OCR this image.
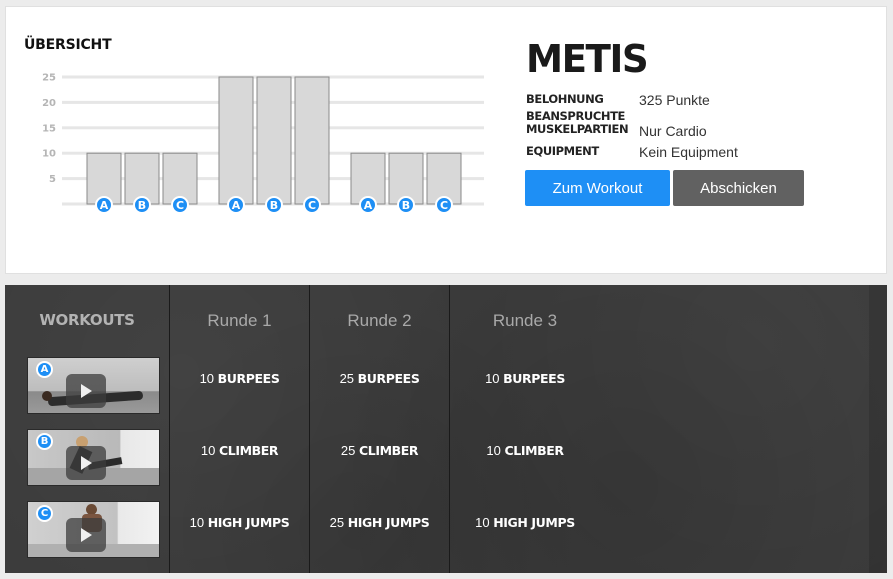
ÜBERSICHT
5
10
15
20
25
A	B	C	A	B	C	A	B	C
METIS
BELOHNUNG	325 Punkte
BEANSPRUCHTE
MUSKELPARTIEN Nur Cardio
EQUIPMENT	Kein Equipment
Zum Workout	Abschicken
WORKOUTS	Runde 1	Runde 2	Runde 3
A
10 BURPEES	25 BURPEES	10 BURPEES
B
10 CLIMBER	25 CLIMBER	10 CLIMBER
C
10 HIGH JUMPS	25 HIGH JUMPS	10 HIGH JUMPS
